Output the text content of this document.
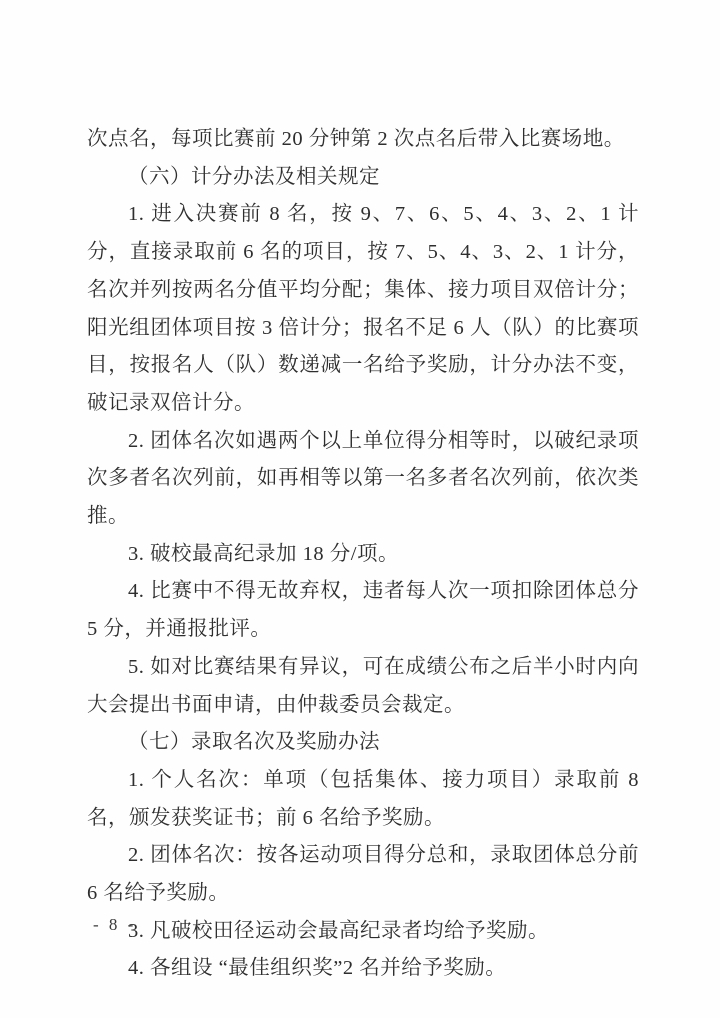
次点名，每项比赛前 20 分钟第 2 次点名后带入比赛场地。

（六）计分办法及相关规定

1. 进入决赛前 8 名，按 9、7、6、5、4、3、2、1 计分，直接录取前 6 名的项目，按 7、5、4、3、2、1 计分，名次并列按两名分值平均分配；集体、接力项目双倍计分；阳光组团体项目按 3 倍计分；报名不足 6 人（队）的比赛项目，按报名人（队）数递减一名给予奖励，计分办法不变，破记录双倍计分。

2. 团体名次如遇两个以上单位得分相等时，以破纪录项次多者名次列前，如再相等以第一名多者名次列前，依次类推。

3. 破校最高纪录加 18 分/项。

4. 比赛中不得无故弃权，违者每人次一项扣除团体总分 5 分，并通报批评。

5. 如对比赛结果有异议，可在成绩公布之后半小时内向大会提出书面申请，由仲裁委员会裁定。

（七）录取名次及奖励办法

1. 个人名次：单项（包括集体、接力项目）录取前 8 名，颁发获奖证书；前 6 名给予奖励。

2. 团体名次：按各运动项目得分总和，录取团体总分前 6 名给予奖励。

3. 凡破校田径运动会最高纪录者均给予奖励。

4. 各组设 “最佳组织奖”2 名并给予奖励。

- 8 -
